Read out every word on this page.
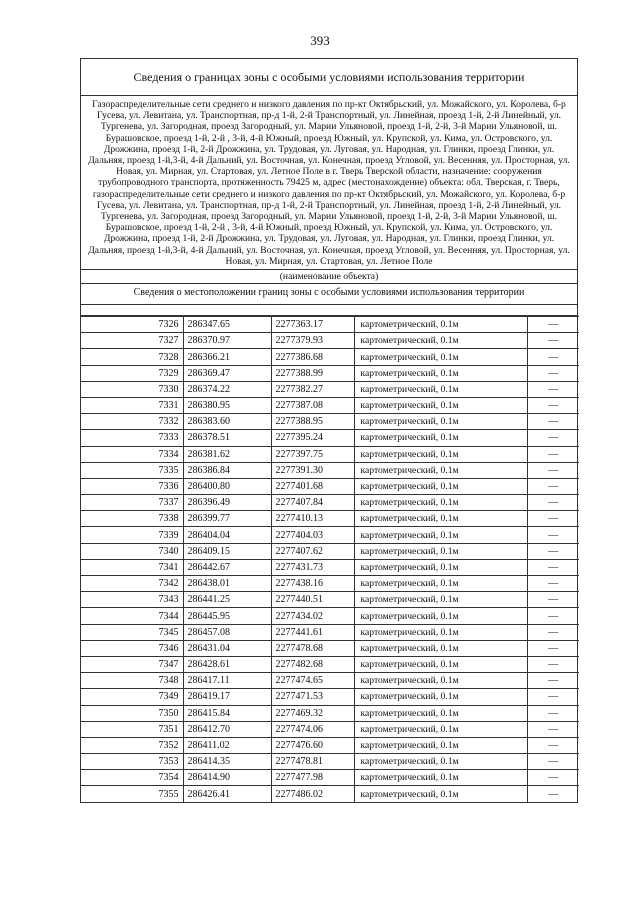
393
Сведения о границах зоны с особыми условиями использования территории
Газораспределительные сети среднего и низкого давления по пр-кт Октябрьский, ул. Можайского, ул. Королева, б-р Гусева, ул. Левитана, ул. Транспортная, пр-д 1-й, 2-й Транспортный, ул. Линейная, проезд 1-й, 2-й Линейный, ул. Тургенева, ул. Загородная, проезд Загородный, ул. Марии Ульяновой, проезд 1-й, 2-й, 3-й Марии Ульяновой, ш. Бурашовское, проезд 1-й, 2-й , 3-й, 4-й Южный, проезд Южный, ул. Крупской, ул. Кима, ул. Островского, ул. Дрожжина, проезд 1-й, 2-й Дрожжина, ул. Трудовая, ул. Луговая, ул. Народная, ул. Глинки, проезд Глинки, ул. Дальняя, проезд 1-й,3-й, 4-й Дальний, ул. Восточная, ул. Конечная, проезд Угловой, ул. Весенняя, ул. Просторная, ул. Новая, ул. Мирная, ул. Стартовая, ул. Летное Поле в г. Тверь Тверской области, назначение: сооружения трубопроводного транспорта, протяженность 79425 м, адрес (местонахождение) объекта: обл. Тверская, г. Тверь, газораспределительные сети среднего и низкого давления по пр-кт Октябрьский, ул. Можайского, ул. Королева, б-р Гусева, ул. Левитана, ул. Транспортная, пр-д 1-й, 2-й Транспортный, ул. Линейная, проезд 1-й, 2-й Линейный, ул. Тургенева, ул. Загородная, проезд Загородный, ул. Марии Ульяновой, проезд 1-й, 2-й, 3-й Марии Ульяновой, ш. Бурашовское, проезд 1-й, 2-й , 3-й, 4-й Южный, проезд Южный, ул. Крупской, ул. Кима, ул. Островского, ул. Дрожжина, проезд 1-й, 2-й Дрожжина, ул. Трудовая, ул. Луговая, ул. Народная, ул. Глинки, проезд Глинки, ул. Дальняя, проезд 1-й,3-й, 4-й Дальний, ул. Восточная, ул. Конечная, проезд Угловой, ул. Весенняя, ул. Просторная, ул. Новая, ул. Мирная, ул. Стартовая, ул. Летное Поле
(наименование объекта)
Сведения о местоположении границ зоны с особыми условиями использования территории
7326	286347.65	2277363.17	картометрический, 0.1м	—
7327	286370.97	2277379.93	картометрический, 0.1м	—
7328	286366.21	2277386.68	картометрический, 0.1м	—
7329	286369.47	2277388.99	картометрический, 0.1м	—
7330	286374.22	2277382.27	картометрический, 0.1м	—
7331	286380.95	2277387.08	картометрический, 0.1м	—
7332	286383.60	2277388.95	картометрический, 0.1м	—
7333	286378.51	2277395.24	картометрический, 0.1м	—
7334	286381.62	2277397.75	картометрический, 0.1м	—
7335	286386.84	2277391.30	картометрический, 0.1м	—
7336	286400.80	2277401.68	картометрический, 0.1м	—
7337	286396.49	2277407.84	картометрический, 0.1м	—
7338	286399.77	2277410.13	картометрический, 0.1м	—
7339	286404.04	2277404.03	картометрический, 0.1м	—
7340	286409.15	2277407.62	картометрический, 0.1м	—
7341	286442.67	2277431.73	картометрический, 0.1м	—
7342	286438.01	2277438.16	картометрический, 0.1м	—
7343	286441.25	2277440.51	картометрический, 0.1м	—
7344	286445.95	2277434.02	картометрический, 0.1м	—
7345	286457.08	2277441.61	картометрический, 0.1м	—
7346	286431.04	2277478.68	картометрический, 0.1м	—
7347	286428.61	2277482.68	картометрический, 0.1м	—
7348	286417.11	2277474.65	картометрический, 0.1м	—
7349	286419.17	2277471.53	картометрический, 0.1м	—
7350	286415.84	2277469.32	картометрический, 0.1м	—
7351	286412.70	2277474.06	картометрический, 0.1м	—
7352	286411.02	2277476.60	картометрический, 0.1м	—
7353	286414.35	2277478.81	картометрический, 0.1м	—
7354	286414.90	2277477.98	картометрический, 0.1м	—
7355	286426.41	2277486.02	картометрический, 0.1м	—
